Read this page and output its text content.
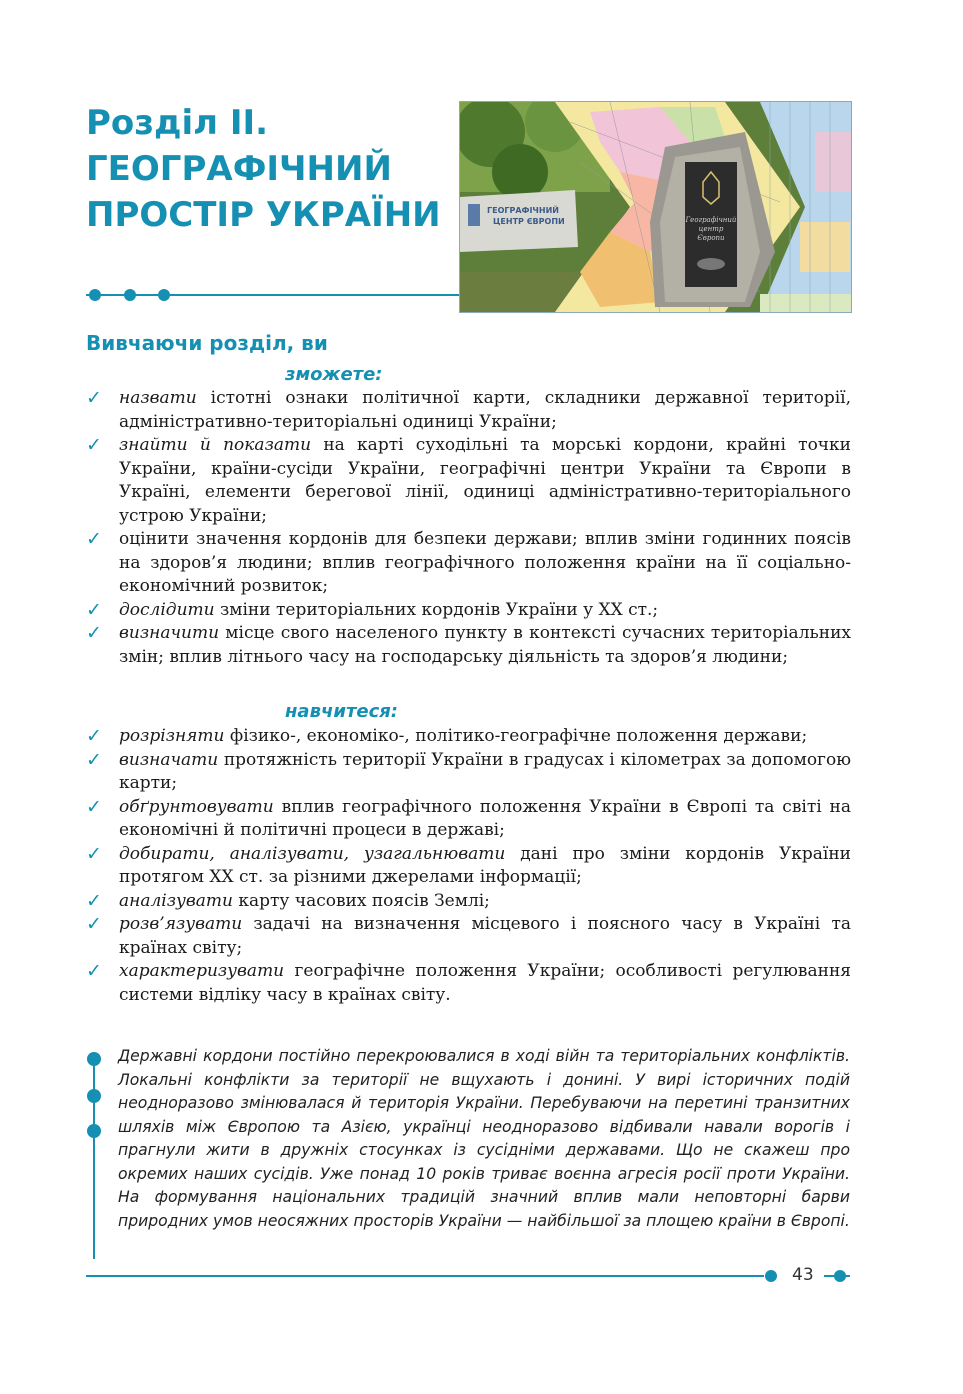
Розділ ІІ.
ГЕОГРАФІЧНИЙ
ПРОСТІР УКРАЇНИ	ГЕОГРАФІЧНИЙ
ЦЕНТР ЄВРОПИ	Географічний
центр
Європи
Вивчаючи розділ, ви
зможете:
✓ назвати істотні ознаки політичної карти, складники державної території, адміністративно-територіальні одиниці України;
✓ знайти й показати на карті суходільні та морські кордони, крайні точки України, країни-сусіди України, географічні центри України та Європи в Україні, елементи берегової лінії, одиниці адміністративно-територіального устрою України;
✓ оцінити значення кордонів для безпеки держави; вплив зміни годинних поясів на здоров’я людини; вплив географічного положення країни на її соціально-економічний розвиток;
✓ дослідити зміни територіальних кордонів України у XX ст.;
✓ визначити місце свого населеного пункту в контексті сучасних територіальних змін; вплив літнього часу на господарську діяльність та здоров’я людини;
навчитеся:
✓ розрізняти фізико-, економіко-, політико-географічне положення держави;
✓ визначати протяжність території України в градусах і кілометрах за допомогою карти;
✓ обґрунтовувати вплив географічного положення України в Європі та світі на економічні й політичні процеси в державі;
✓ добирати, аналізувати, узагальнювати дані про зміни кордонів України протягом XX ст. за різними джерелами інформації;
✓ аналізувати карту часових поясів Землі;
✓ розв’язувати задачі на визначення місцевого і поясного часу в Україні та країнах світу;
✓ характеризувати географічне положення України; особливості регулювання системи відліку часу в країнах світу.

Державні кордони постійно перекроювалися в ході війн та територіальних конфліктів. Локальні конфлікти за території не вщухають і донині. У вирі історичних подій неодноразово змінювалася й територія України. Перебуваючи на перетині транзитних шляхів між Європою та Азією, українці неодноразово відбивали навали ворогів і прагнули жити в дружніх стосунках із сусідніми державами. Що не скажеш про окремих наших сусідів. Уже понад 10 років триває воєнна агресія росії проти України. На формування національних традицій значний вплив мали неповторні барви природних умов неосяжних просторів України — найбільшої за площею країни в Європі.

43
